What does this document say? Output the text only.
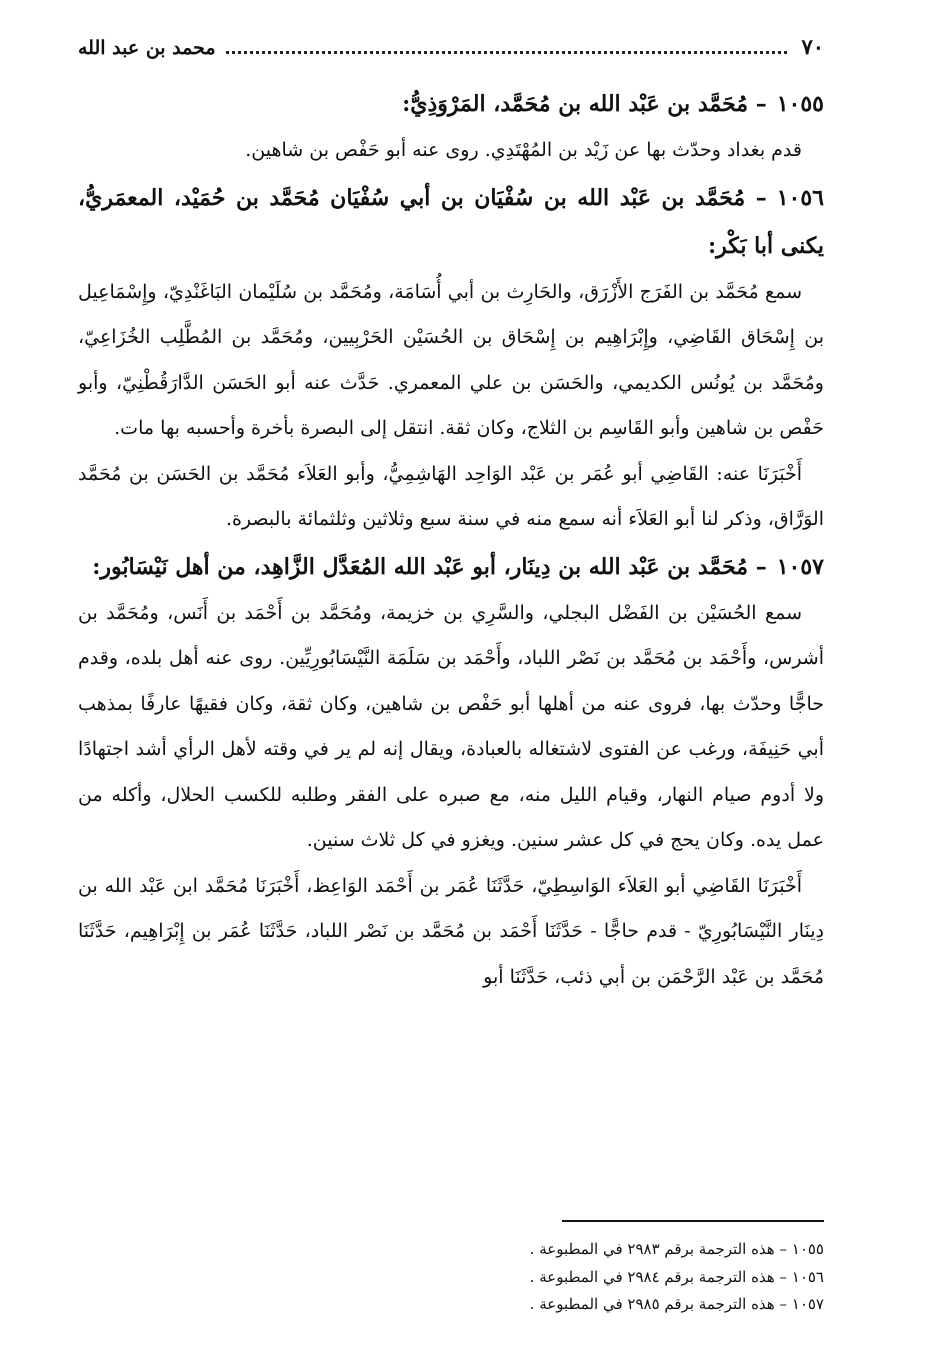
٧٠
محمد بن عبد الله

١٠٥٥– مُحَمَّد بن عَبْد الله بن مُحَمَّد، المَرْوَذِيُّ:

قدم بغداد وحدّث بها عن زَيْد بن المُهْتَدِي. روى عنه أبو حَفْص بن شاهين.

١٠٥٦– مُحَمَّد بن عَبْد الله بن سُفْيَان بن أبي سُفْيَان مُحَمَّد بن حُمَيْد، المعمَريُّ، يكنى أبا بَكْر:

سمع مُحَمَّد بن الفَرَج الأَزْرَق، والحَارِث بن أبي أُسَامَة، ومُحَمَّد بن سُلَيْمان البَاغَنْدِيّ، وإِسْمَاعِيل بن إِسْحَاق القَاضِي، وإِبْرَاهِيم بن إِسْحَاق بن الحُسَيْن الحَرْبِيين، ومُحَمَّد بن المُطَّلِب الخُزَاعِيّ، ومُحَمَّد بن يُونُس الكديمي، والحَسَن بن علي المعمري. حَدَّث عنه أبو الحَسَن الدَّارَقُطْنِيّ، وأبو حَفْص بن شاهين وأبو القَاسِم بن الثلاج، وكان ثقة. انتقل إلى البصرة بأخرة وأحسبه بها مات.

أَخْبَرَنَا عنه: القَاضِي أبو عُمَر بن عَبْد الوَاحِد الهَاشِمِيُّ، وأبو العَلاَء مُحَمَّد بن الحَسَن بن مُحَمَّد الوَرَّاق، وذكر لنا أبو العَلاَء أنه سمع منه في سنة سبع وثلاثين وثلثمائة بالبصرة.

١٠٥٧– مُحَمَّد بن عَبْد الله بن دِينَار، أبو عَبْد الله المُعَدَّل الزَّاهِد، من أهل نَيْسَابُور:

سمع الحُسَيْن بن الفَضْل البجلي، والسَّرِي بن خزيمة، ومُحَمَّد بن أَحْمَد بن أَنَس، ومُحَمَّد بن أشرس، وأَحْمَد بن مُحَمَّد بن نَصْر اللباد، وأَحْمَد بن سَلَمَة النَّيْسَابُورِيِّين. روى عنه أهل بلده، وقدم حاجًّا وحدّث بها، فروى عنه من أهلها أبو حَفْص بن شاهين، وكان ثقة، وكان فقيهًا عارفًا بمذهب أبي حَنِيفَة، ورغب عن الفتوى لاشتغاله بالعبادة، ويقال إنه لم ير في وقته لأهل الرأي أشد اجتهادًا ولا أدوم صيام النهار، وقيام الليل منه، مع صبره على الفقر وطلبه للكسب الحلال، وأكله من عمل يده. وكان يحج في كل عشر سنين. ويغزو في كل ثلاث سنين.

أَخْبَرَنَا القَاضِي أبو العَلاَء الوَاسِطِيّ، حَدَّثَنَا عُمَر بن أَحْمَد الوَاعِظ، أَخْبَرَنَا مُحَمَّد ابن عَبْد الله بن دِينَار النَّيْسَابُورِيّ - قدم حاجًّا - حَدَّثَنَا أَحْمَد بن مُحَمَّد بن نَصْر اللباد، حَدَّثَنَا عُمَر بن إِبْرَاهِيم، حَدَّثَنَا مُحَمَّد بن عَبْد الرَّحْمَن بن أبي ذئب، حَدَّثَنَا أبو

١٠٥٥ – هذه الترجمة برقم ٢٩٨٣ في المطبوعة .

١٠٥٦ – هذه الترجمة برقم ٢٩٨٤ في المطبوعة .

١٠٥٧ – هذه الترجمة برقم ٢٩٨٥ في المطبوعة .
